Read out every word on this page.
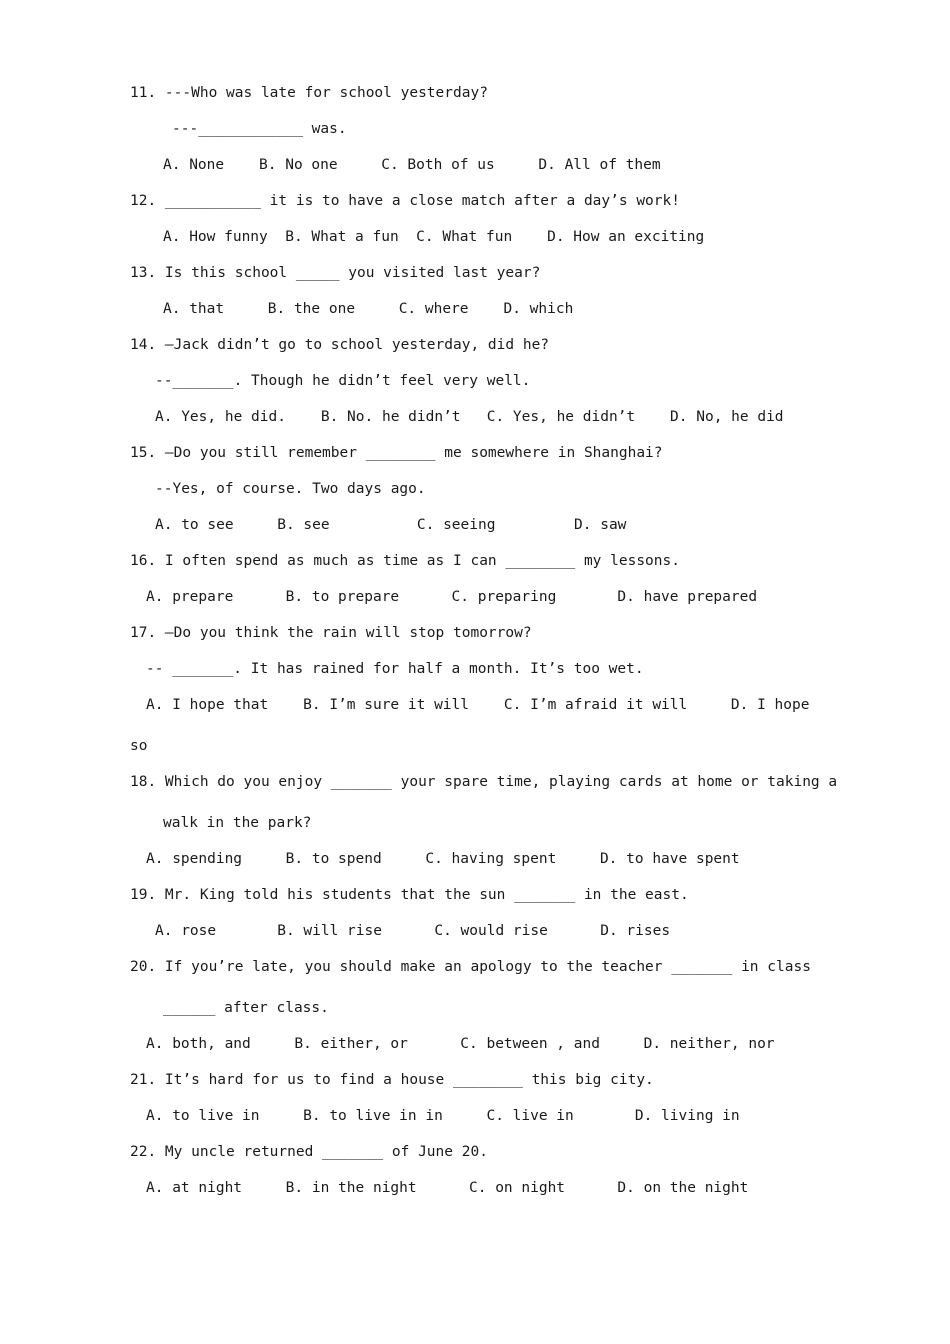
11. ---Who was late for school yesterday?
---____________ was.
A. None    B. No one     C. Both of us     D. All of them
12. ___________ it is to have a close match after a day’s work!
A. How funny  B. What a fun  C. What fun    D. How an exciting
13. Is this school _____ you visited last year?
A. that     B. the one     C. where    D. which
14. –Jack didn’t go to school yesterday, did he?
--_______. Though he didn’t feel very well.
A. Yes, he did.    B. No. he didn’t   C. Yes, he didn’t    D. No, he did
15. –Do you still remember ________ me somewhere in Shanghai?
--Yes, of course. Two days ago.
A. to see     B. see          C. seeing         D. saw
16. I often spend as much as time as I can ________ my lessons.
A. prepare      B. to prepare      C. preparing       D. have prepared
17. –Do you think the rain will stop tomorrow?
-- _______. It has rained for half a month. It’s too wet.
A. I hope that    B. I’m sure it will    C. I’m afraid it will     D. I hope
so
18. Which do you enjoy _______ your spare time, playing cards at home or taking a
walk in the park?
A. spending     B. to spend     C. having spent     D. to have spent
19. Mr. King told his students that the sun _______ in the east.
A. rose       B. will rise      C. would rise      D. rises
20. If you’re late, you should make an apology to the teacher _______ in class
______ after class.
A. both, and     B. either, or      C. between , and     D. neither, nor
21. It’s hard for us to find a house ________ this big city.
A. to live in     B. to live in in     C. live in       D. living in
22. My uncle returned _______ of June 20.
A. at night     B. in the night      C. on night      D. on the night
